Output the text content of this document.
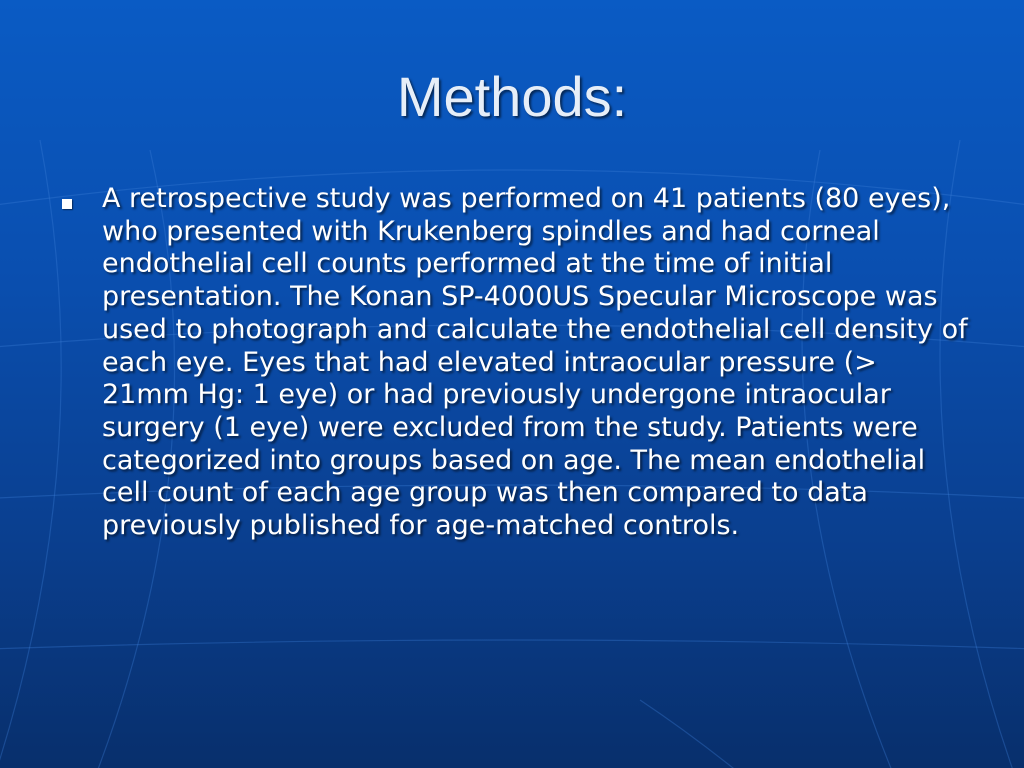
Methods:

A retrospective study was performed on 41 patients (80 eyes), who presented with Krukenberg spindles and had corneal endothelial cell counts performed at the time of initial presentation. The Konan SP-4000US Specular Microscope was used to photograph and calculate the endothelial cell density of each eye. Eyes that had elevated intraocular pressure (> 21mm Hg: 1 eye) or had previously undergone intraocular surgery (1 eye) were excluded from the study. Patients were categorized into groups based on age. The mean endothelial cell count of each age group was then compared to data previously published for age-matched controls.
